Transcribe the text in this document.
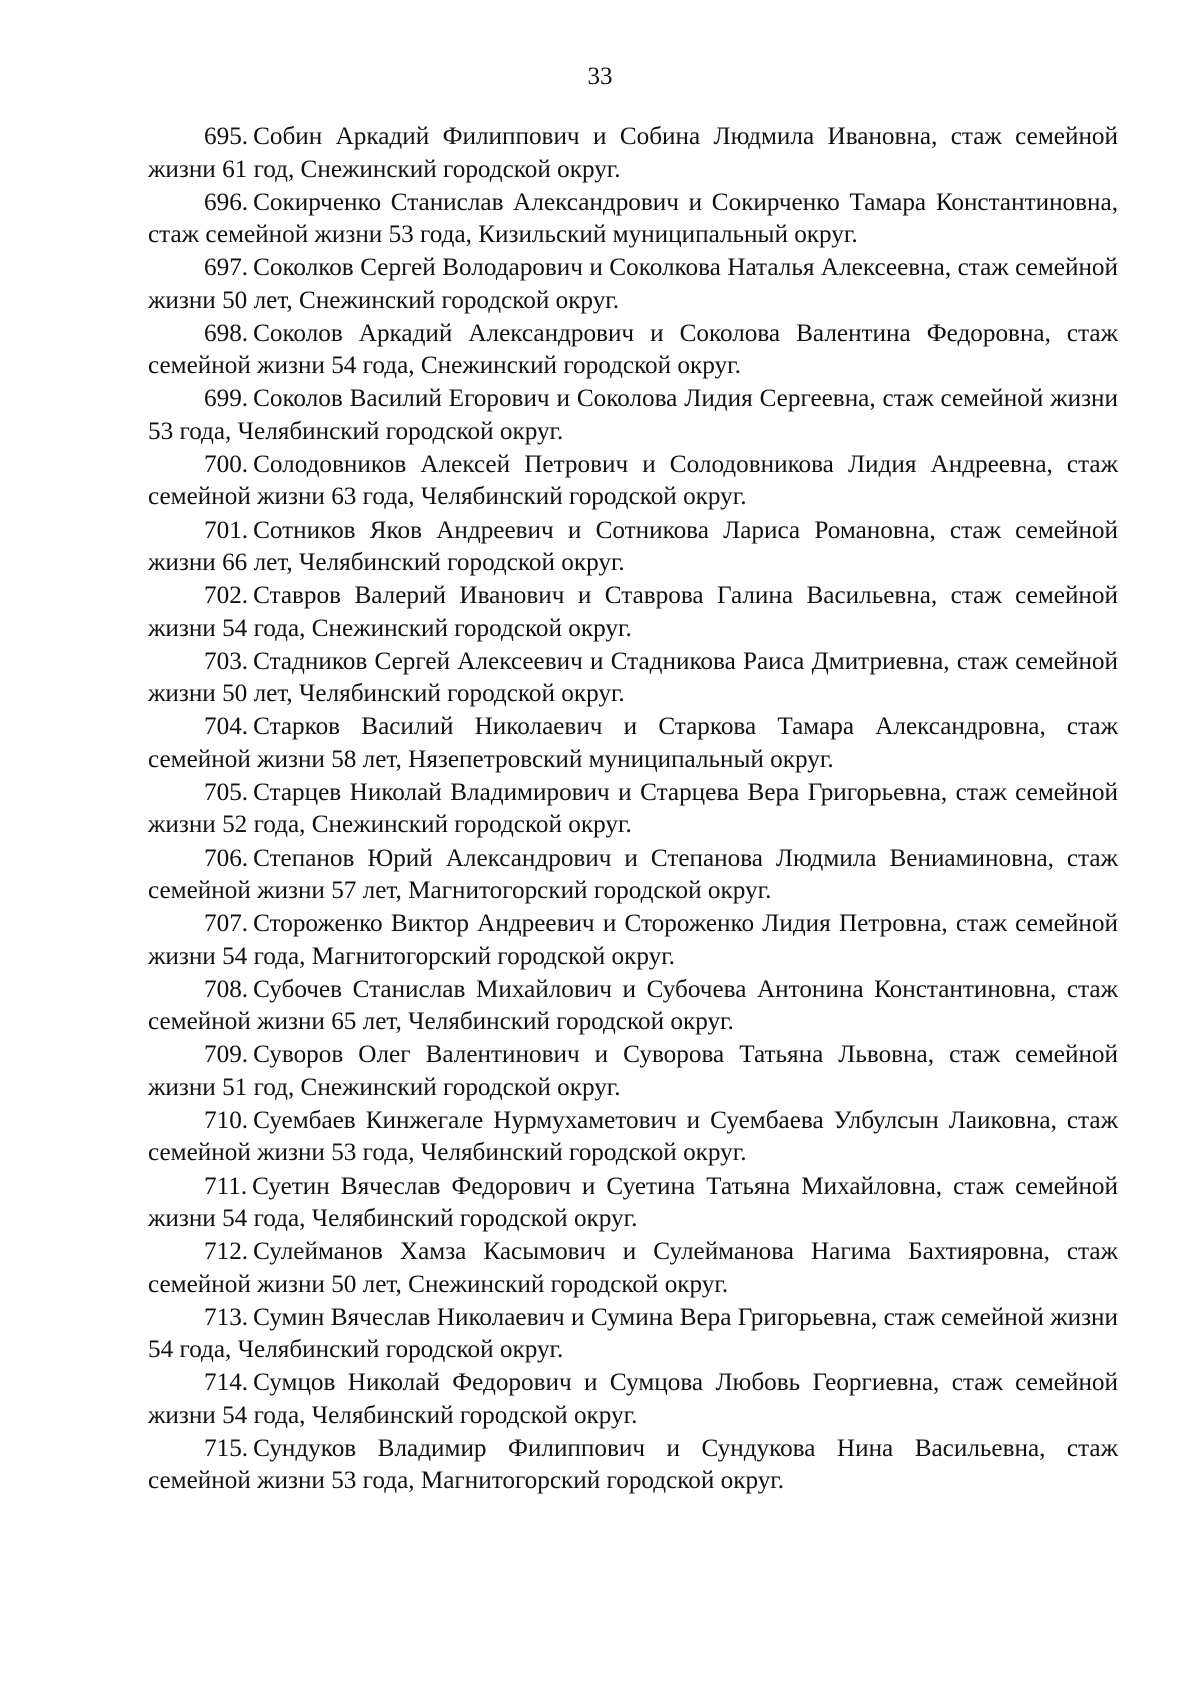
33

695. Собин Аркадий Филиппович и Собина Людмила Ивановна, стаж семейной жизни 61 год, Снежинский городской округ.

696. Сокирченко Станислав Александрович и Сокирченко Тамара Константиновна, стаж семейной жизни 53 года, Кизильский муниципальный округ.

697. Соколков Сергей Володарович и Соколкова Наталья Алексеевна, стаж семейной жизни 50 лет, Снежинский городской округ.

698. Соколов Аркадий Александрович и Соколова Валентина Федоровна, стаж семейной жизни 54 года, Снежинский городской округ.

699. Соколов Василий Егорович и Соколова Лидия Сергеевна, стаж семейной жизни 53 года, Челябинский городской округ.

700. Солодовников Алексей Петрович и Солодовникова Лидия Андреевна, стаж семейной жизни 63 года, Челябинский городской округ.

701. Сотников Яков Андреевич и Сотникова Лариса Романовна, стаж семейной жизни 66 лет, Челябинский городской округ.

702. Ставров Валерий Иванович и Ставрова Галина Васильевна, стаж семейной жизни 54 года, Снежинский городской округ.

703. Стадников Сергей Алексеевич и Стадникова Раиса Дмитриевна, стаж семейной жизни 50 лет, Челябинский городской округ.

704. Старков Василий Николаевич и Старкова Тамара Александровна, стаж семейной жизни 58 лет, Нязепетровский муниципальный округ.

705. Старцев Николай Владимирович и Старцева Вера Григорьевна, стаж семейной жизни 52 года, Снежинский городской округ.

706. Степанов Юрий Александрович и Степанова Людмила Вениаминовна, стаж семейной жизни 57 лет, Магнитогорский городской округ.

707. Стороженко Виктор Андреевич и Стороженко Лидия Петровна, стаж семейной жизни 54 года, Магнитогорский городской округ.

708. Субочев Станислав Михайлович и Субочева Антонина Константиновна, стаж семейной жизни 65 лет, Челябинский городской округ.

709. Суворов Олег Валентинович и Суворова Татьяна Львовна, стаж семейной жизни 51 год, Снежинский городской округ.

710. Суембаев Кинжегале Нурмухаметович и Суембаева Улбулсын Лаиковна, стаж семейной жизни 53 года, Челябинский городской округ.

711. Суетин Вячеслав Федорович и Суетина Татьяна Михайловна, стаж семейной жизни 54 года, Челябинский городской округ.

712. Сулейманов Хамза Касымович и Сулейманова Нагима Бахтияровна, стаж семейной жизни 50 лет, Снежинский городской округ.

713. Сумин Вячеслав Николаевич и Сумина Вера Григорьевна, стаж семейной жизни 54 года, Челябинский городской округ.

714. Сумцов Николай Федорович и Сумцова Любовь Георгиевна, стаж семейной жизни 54 года, Челябинский городской округ.

715. Сундуков Владимир Филиппович и Сундукова Нина Васильевна, стаж семейной жизни 53 года, Магнитогорский городской округ.
